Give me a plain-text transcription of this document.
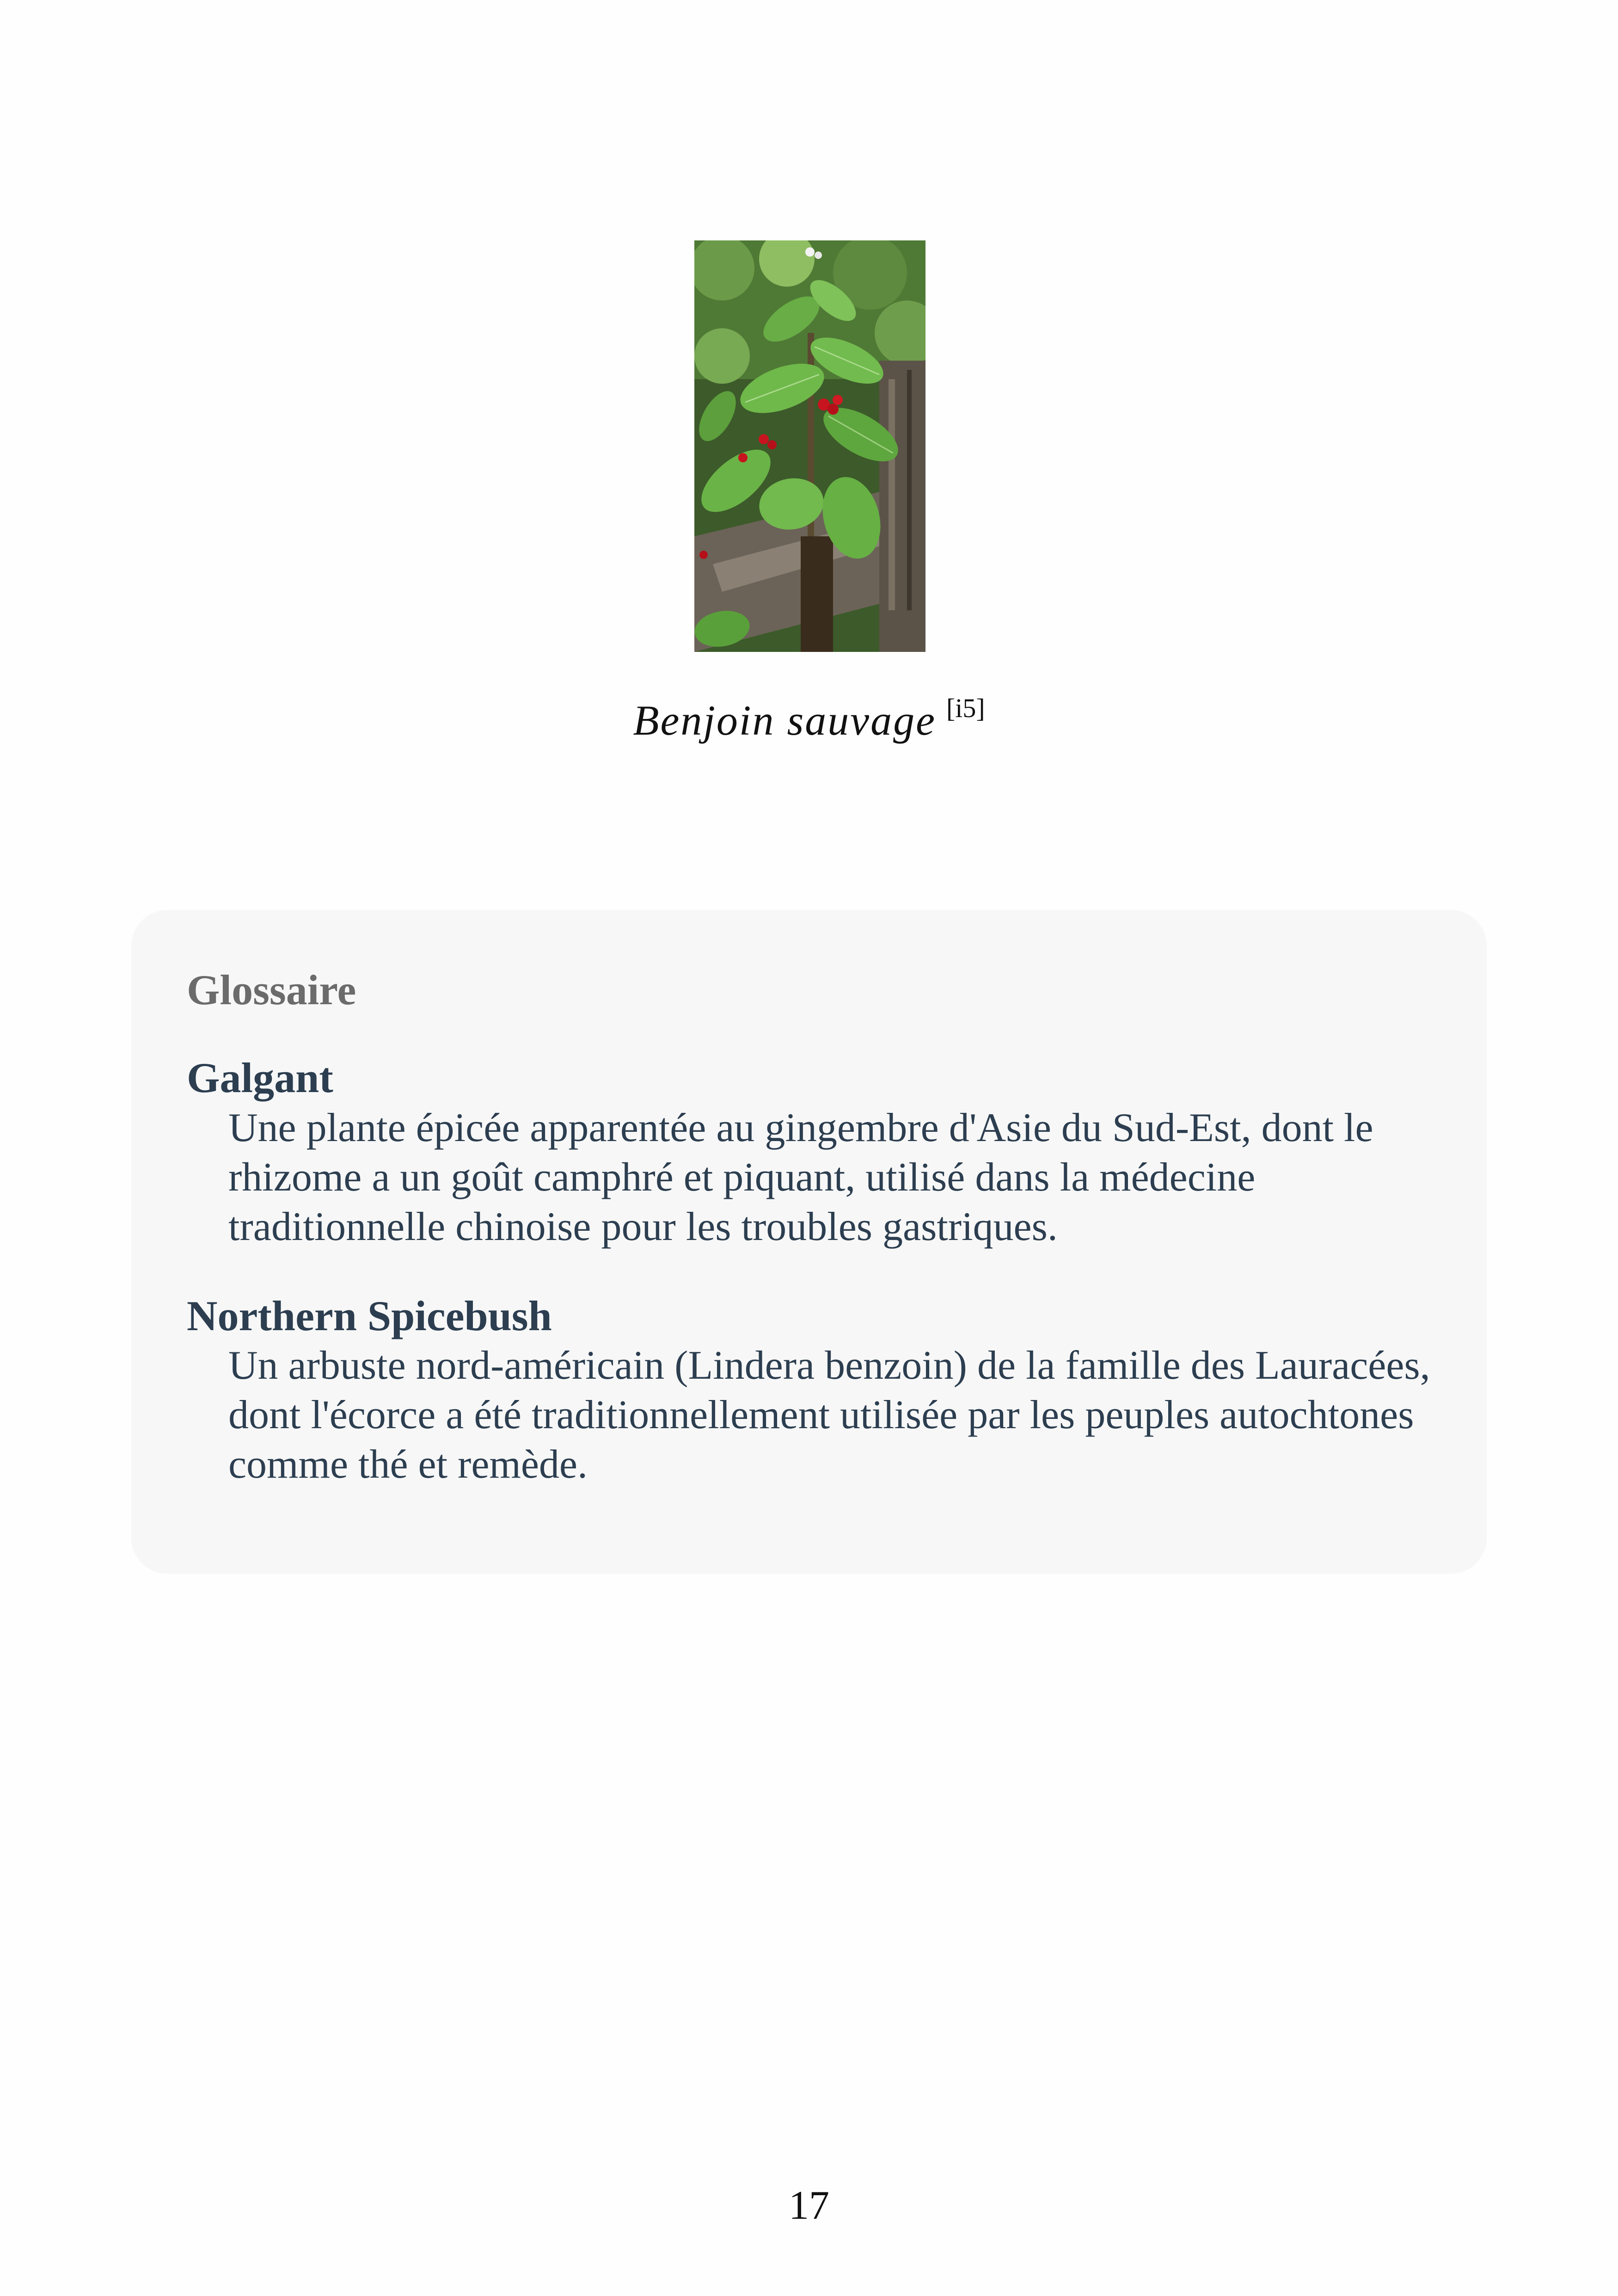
Benjoin sauvage [i5]
Glossaire
Galgant

Une plante épicée apparentée au gingembre d'Asie du Sud-Est, dont le rhizome a un goût camphré et piquant, utilisé dans la médecine traditionnelle chinoise pour les troubles gastriques.

Northern Spicebush

Un arbuste nord-américain (Lindera benzoin) de la famille des Lauracées, dont l'écorce a été traditionnellement utilisée par les peuples autochtones comme thé et remède.

17
